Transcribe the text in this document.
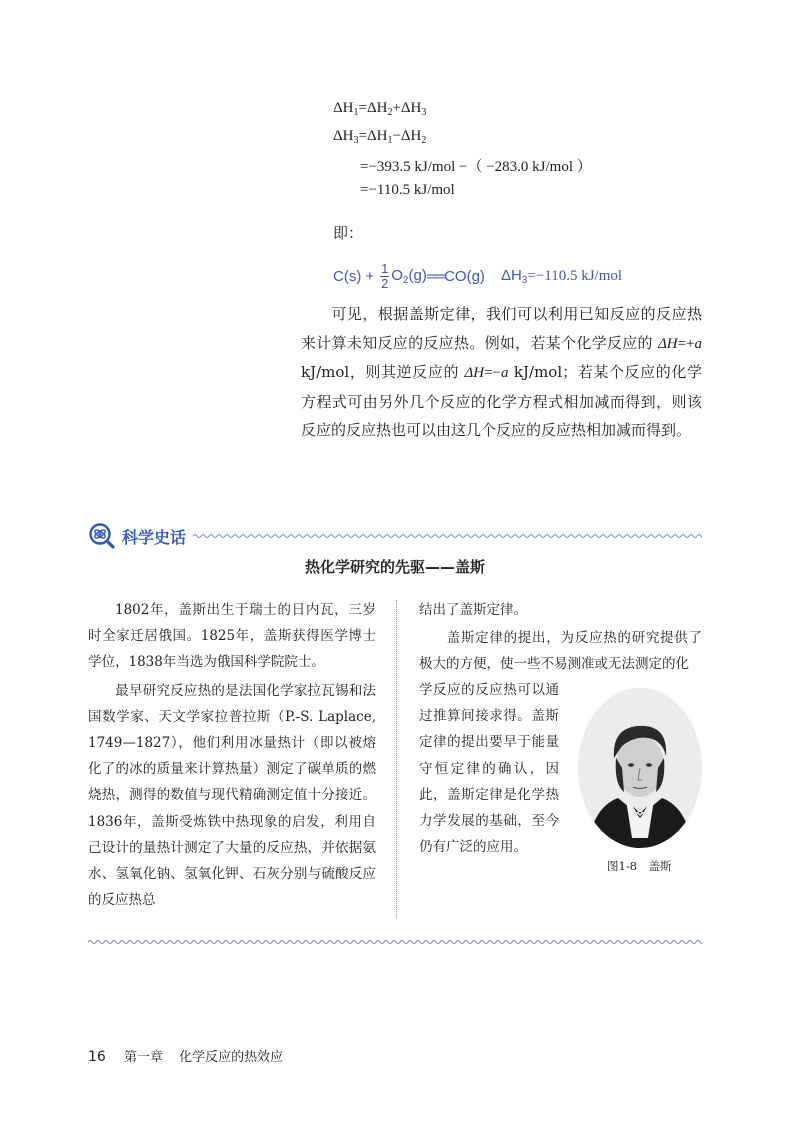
$\Delta H_1=\Delta H_2+\Delta H_3$
$\Delta H_3=\Delta H_1-\Delta H_2$
=−393.5 kJ/mol −（ −283.0 kJ/mol ）
=−110.5 kJ/mol
即：
$C(s) + \frac{1}{2} O_2(g)$ ══ CO(g) $\Delta H_3=-110.5$ kJ/mol
可见，根据盖斯定律，我们可以利用已知反应的反应热来计算未知反应的反应热。例如，若某个化学反应的 ΔH=+a kJ/mol，则其逆反应的 ΔH=−a kJ/mol；若某个反应的化学方程式可由另外几个反应的化学方程式相加减而得到，则该反应的反应热也可以由这几个反应的反应热相加减而得到。
科学史话
热化学研究的先驱——盖斯
1802年，盖斯出生于瑞士的日内瓦，三岁时全家迁居俄国。1825年，盖斯获得医学博士学位，1838年当选为俄国科学院院士。
最早研究反应热的是法国化学家拉瓦锡和法国数学家、天文学家拉普拉斯（P.-S. Laplace, 1749—1827），他们利用冰量热计（即以被熔化了的冰的质量来计算热量）测定了碳单质的燃烧热，测得的数值与现代精确测定值十分接近。1836年，盖斯受炼铁中热现象的启发，利用自己设计的量热计测定了大量的反应热，并依据氨水、氢氧化钠、氢氧化钾、石灰分别与硫酸反应的反应热总
结出了盖斯定律。
盖斯定律的提出，为反应热的研究提供了极大的方便，使一些不易测准或无法测定的化
学反应的反应热可以通过推算间接求得。盖斯定律的提出要早于能量守恒定律的确认，因此，盖斯定律是化学热力学发展的基础，至今仍有广泛的应用。
图1-8　盖斯
16 第一章 化学反应的热效应
